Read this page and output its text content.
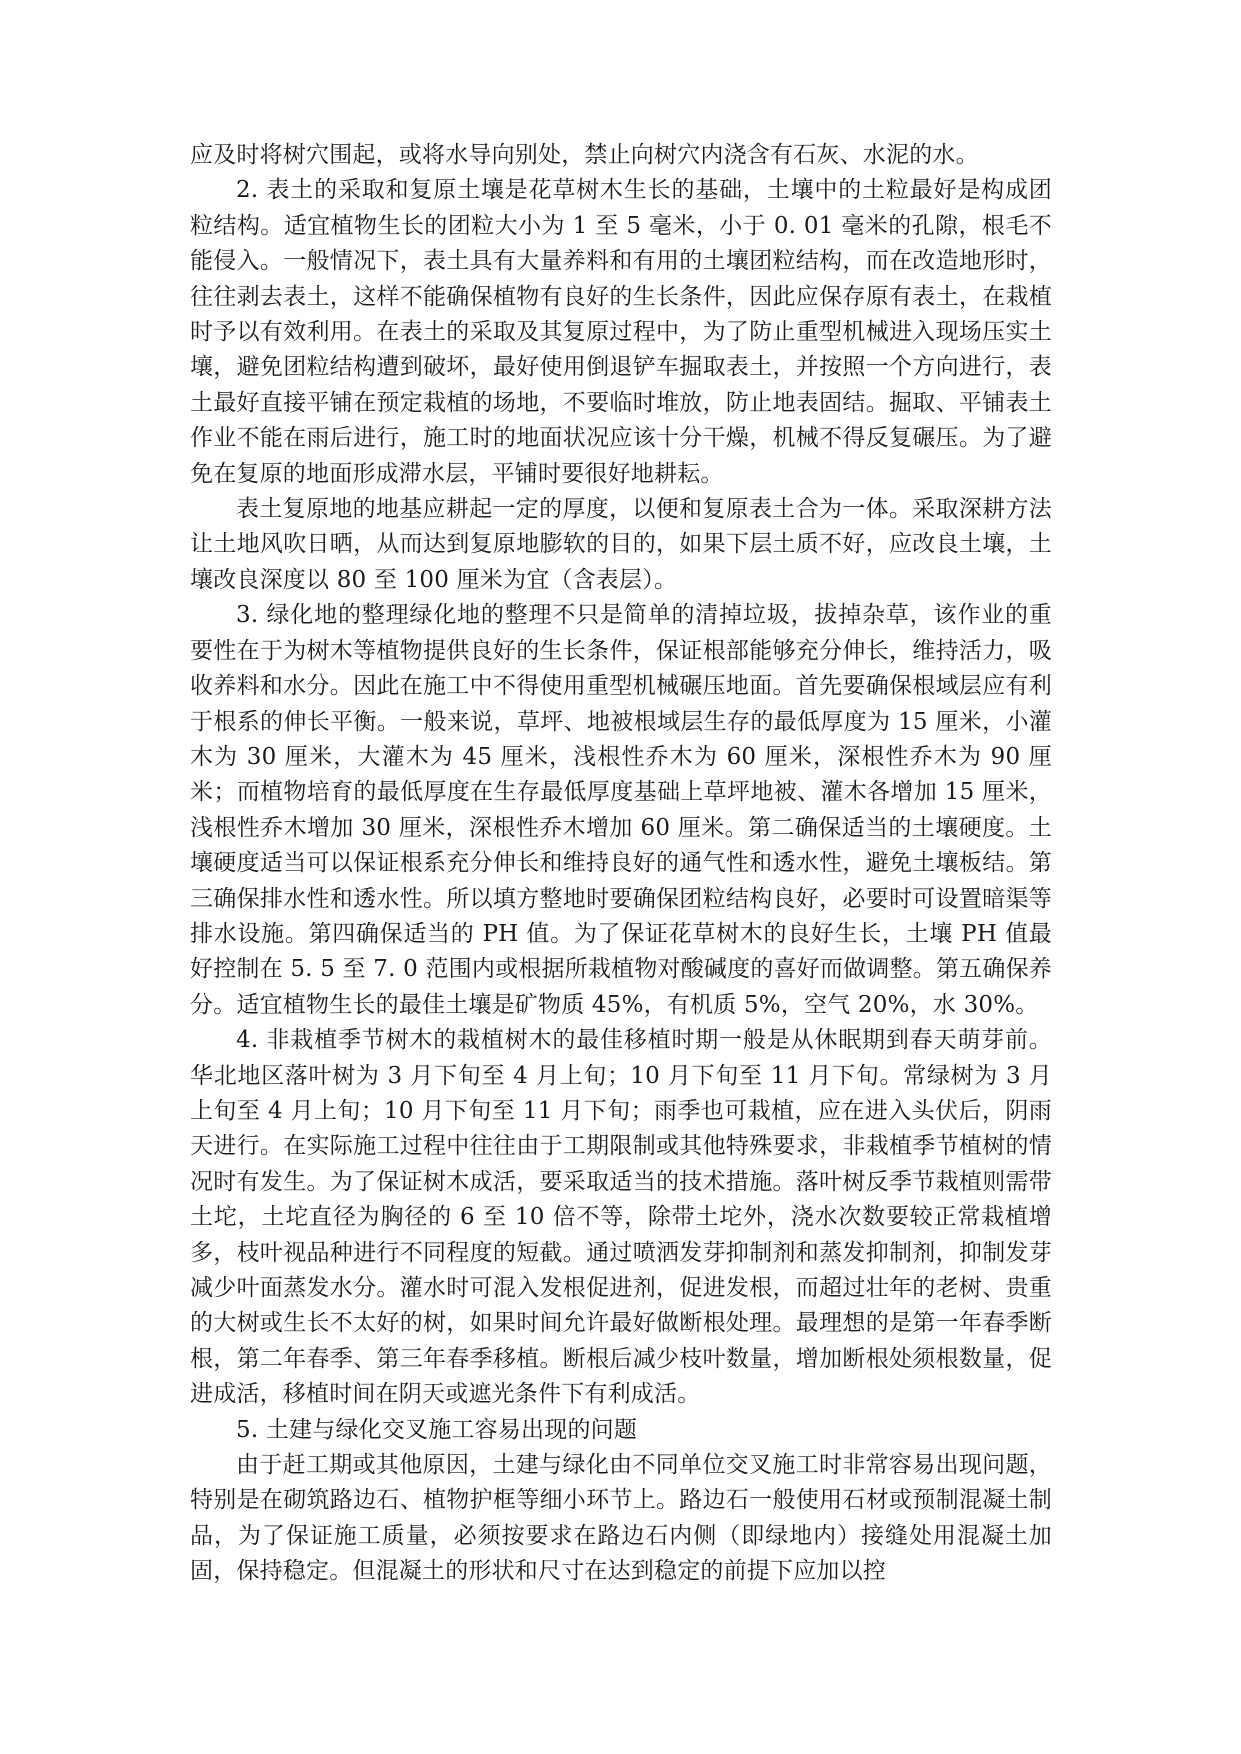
应及时将树穴围起，或将水导向别处，禁止向树穴内浇含有石灰、水泥的水。

2. 表土的采取和复原土壤是花草树木生长的基础，土壤中的土粒最好是构成团粒结构。适宜植物生长的团粒大小为 1 至 5 毫米，小于 0. 01 毫米的孔隙，根毛不能侵入。一般情况下，表土具有大量养料和有用的土壤团粒结构，而在改造地形时，往往剥去表土，这样不能确保植物有良好的生长条件，因此应保存原有表土，在栽植时予以有效利用。在表土的采取及其复原过程中，为了防止重型机械进入现场压实土壤，避免团粒结构遭到破坏，最好使用倒退铲车掘取表土，并按照一个方向进行，表土最好直接平铺在预定栽植的场地，不要临时堆放，防止地表固结。掘取、平铺表土作业不能在雨后进行，施工时的地面状况应该十分干燥，机械不得反复碾压。为了避免在复原的地面形成滞水层，平铺时要很好地耕耘。

表土复原地的地基应耕起一定的厚度，以便和复原表土合为一体。采取深耕方法让土地风吹日晒，从而达到复原地膨软的目的，如果下层土质不好，应改良土壤，土壤改良深度以 80 至 100 厘米为宜（含表层）。

3. 绿化地的整理绿化地的整理不只是简单的清掉垃圾，拔掉杂草，该作业的重要性在于为树木等植物提供良好的生长条件，保证根部能够充分伸长，维持活力，吸收养料和水分。因此在施工中不得使用重型机械碾压地面。首先要确保根域层应有利于根系的伸长平衡。一般来说，草坪、地被根域层生存的最低厚度为 15 厘米，小灌木为 30 厘米，大灌木为 45 厘米，浅根性乔木为 60 厘米，深根性乔木为 90 厘米；而植物培育的最低厚度在生存最低厚度基础上草坪地被、灌木各增加 15 厘米，浅根性乔木增加 30 厘米，深根性乔木增加 60 厘米。第二确保适当的土壤硬度。土壤硬度适当可以保证根系充分伸长和维持良好的通气性和透水性，避免土壤板结。第三确保排水性和透水性。所以填方整地时要确保团粒结构良好，必要时可设置暗渠等排水设施。第四确保适当的 PH 值。为了保证花草树木的良好生长，土壤 PH 值最好控制在 5. 5 至 7. 0 范围内或根据所栽植物对酸碱度的喜好而做调整。第五确保养分。适宜植物生长的最佳土壤是矿物质 45%，有机质 5%，空气 20%，水 30%。

4. 非栽植季节树木的栽植树木的最佳移植时期一般是从休眠期到春天萌芽前。华北地区落叶树为 3 月下旬至 4 月上旬；10 月下旬至 11 月下旬。常绿树为 3 月上旬至 4 月上旬；10 月下旬至 11 月下旬；雨季也可栽植，应在进入头伏后，阴雨天进行。在实际施工过程中往往由于工期限制或其他特殊要求，非栽植季节植树的情况时有发生。为了保证树木成活，要采取适当的技术措施。落叶树反季节栽植则需带土坨，土坨直径为胸径的 6 至 10 倍不等，除带土坨外，浇水次数要较正常栽植增多，枝叶视品种进行不同程度的短截。通过喷洒发芽抑制剂和蒸发抑制剂，抑制发芽减少叶面蒸发水分。灌水时可混入发根促进剂，促进发根，而超过壮年的老树、贵重的大树或生长不太好的树，如果时间允许最好做断根处理。最理想的是第一年春季断根，第二年春季、第三年春季移植。断根后减少枝叶数量，增加断根处须根数量，促进成活，移植时间在阴天或遮光条件下有利成活。

5. 土建与绿化交叉施工容易出现的问题

由于赶工期或其他原因，土建与绿化由不同单位交叉施工时非常容易出现问题，特别是在砌筑路边石、植物护框等细小环节上。路边石一般使用石材或预制混凝土制品，为了保证施工质量，必须按要求在路边石内侧（即绿地内）接缝处用混凝土加固，保持稳定。但混凝土的形状和尺寸在达到稳定的前提下应加以控
